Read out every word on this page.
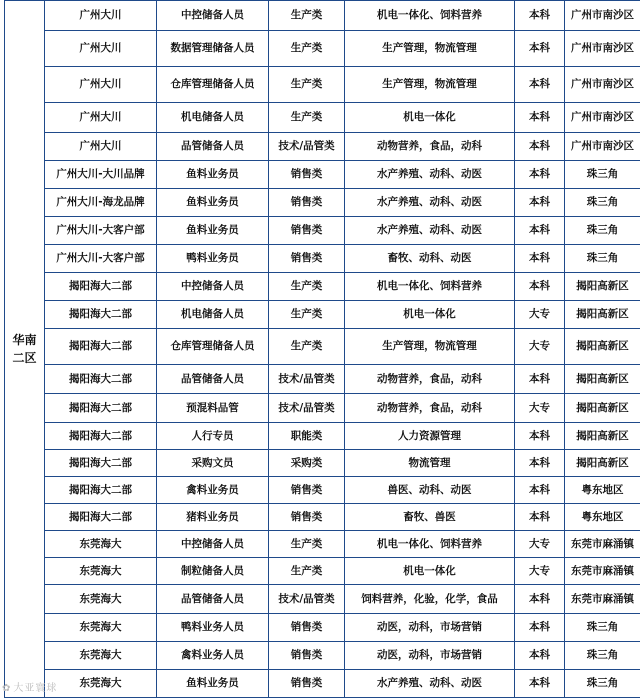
华南
二区	广州大川	中控储备人员	生产类	机电一体化、饲料营养	本科	广州市南沙区
	广州大川	数据管理储备人员	生产类	生产管理，物流管理	本科	广州市南沙区
	广州大川	仓库管理储备人员	生产类	生产管理，物流管理	本科	广州市南沙区
	广州大川	机电储备人员	生产类	机电一体化	本科	广州市南沙区
	广州大川	品管储备人员	技术/品管类	动物营养，食品，动科	本科	广州市南沙区
	广州大川-大川品牌	鱼料业务员	销售类	水产养殖、动科、动医	本科	珠三角
	广州大川-海龙品牌	鱼料业务员	销售类	水产养殖、动科、动医	本科	珠三角
	广州大川-大客户部	鱼料业务员	销售类	水产养殖、动科、动医	本科	珠三角
	广州大川-大客户部	鸭料业务员	销售类	畜牧、动科、动医	本科	珠三角
	揭阳海大二部	中控储备人员	生产类	机电一体化、饲料营养	本科	揭阳高新区
	揭阳海大二部	机电储备人员	生产类	机电一体化	大专	揭阳高新区
	揭阳海大二部	仓库管理储备人员	生产类	生产管理，物流管理	大专	揭阳高新区
	揭阳海大二部	品管储备人员	技术/品管类	动物营养，食品，动科	本科	揭阳高新区
	揭阳海大二部	预混料品管	技术/品管类	动物营养，食品，动科	大专	揭阳高新区
	揭阳海大二部	人行专员	职能类	人力资源管理	本科	揭阳高新区
	揭阳海大二部	采购文员	采购类	物流管理	本科	揭阳高新区
	揭阳海大二部	禽料业务员	销售类	兽医、动科、动医	本科	粤东地区
	揭阳海大二部	猪料业务员	销售类	畜牧、兽医	本科	粤东地区
	东莞海大	中控储备人员	生产类	机电一体化、饲料营养	大专	东莞市麻涌镇
	东莞海大	制粒储备人员	生产类	机电一体化	大专	东莞市麻涌镇
	东莞海大	品管储备人员	技术/品管类	饲料营养，化验，化学，食品	本科	东莞市麻涌镇
	东莞海大	鸭料业务人员	销售类	动医，动科，市场营销	本科	珠三角
	东莞海大	禽料业务人员	销售类	动医，动科，市场营销	本科	珠三角
	东莞海大	鱼料业务员	销售类	水产养殖、动科、动医	本科	珠三角
✿ 大亚寰球
